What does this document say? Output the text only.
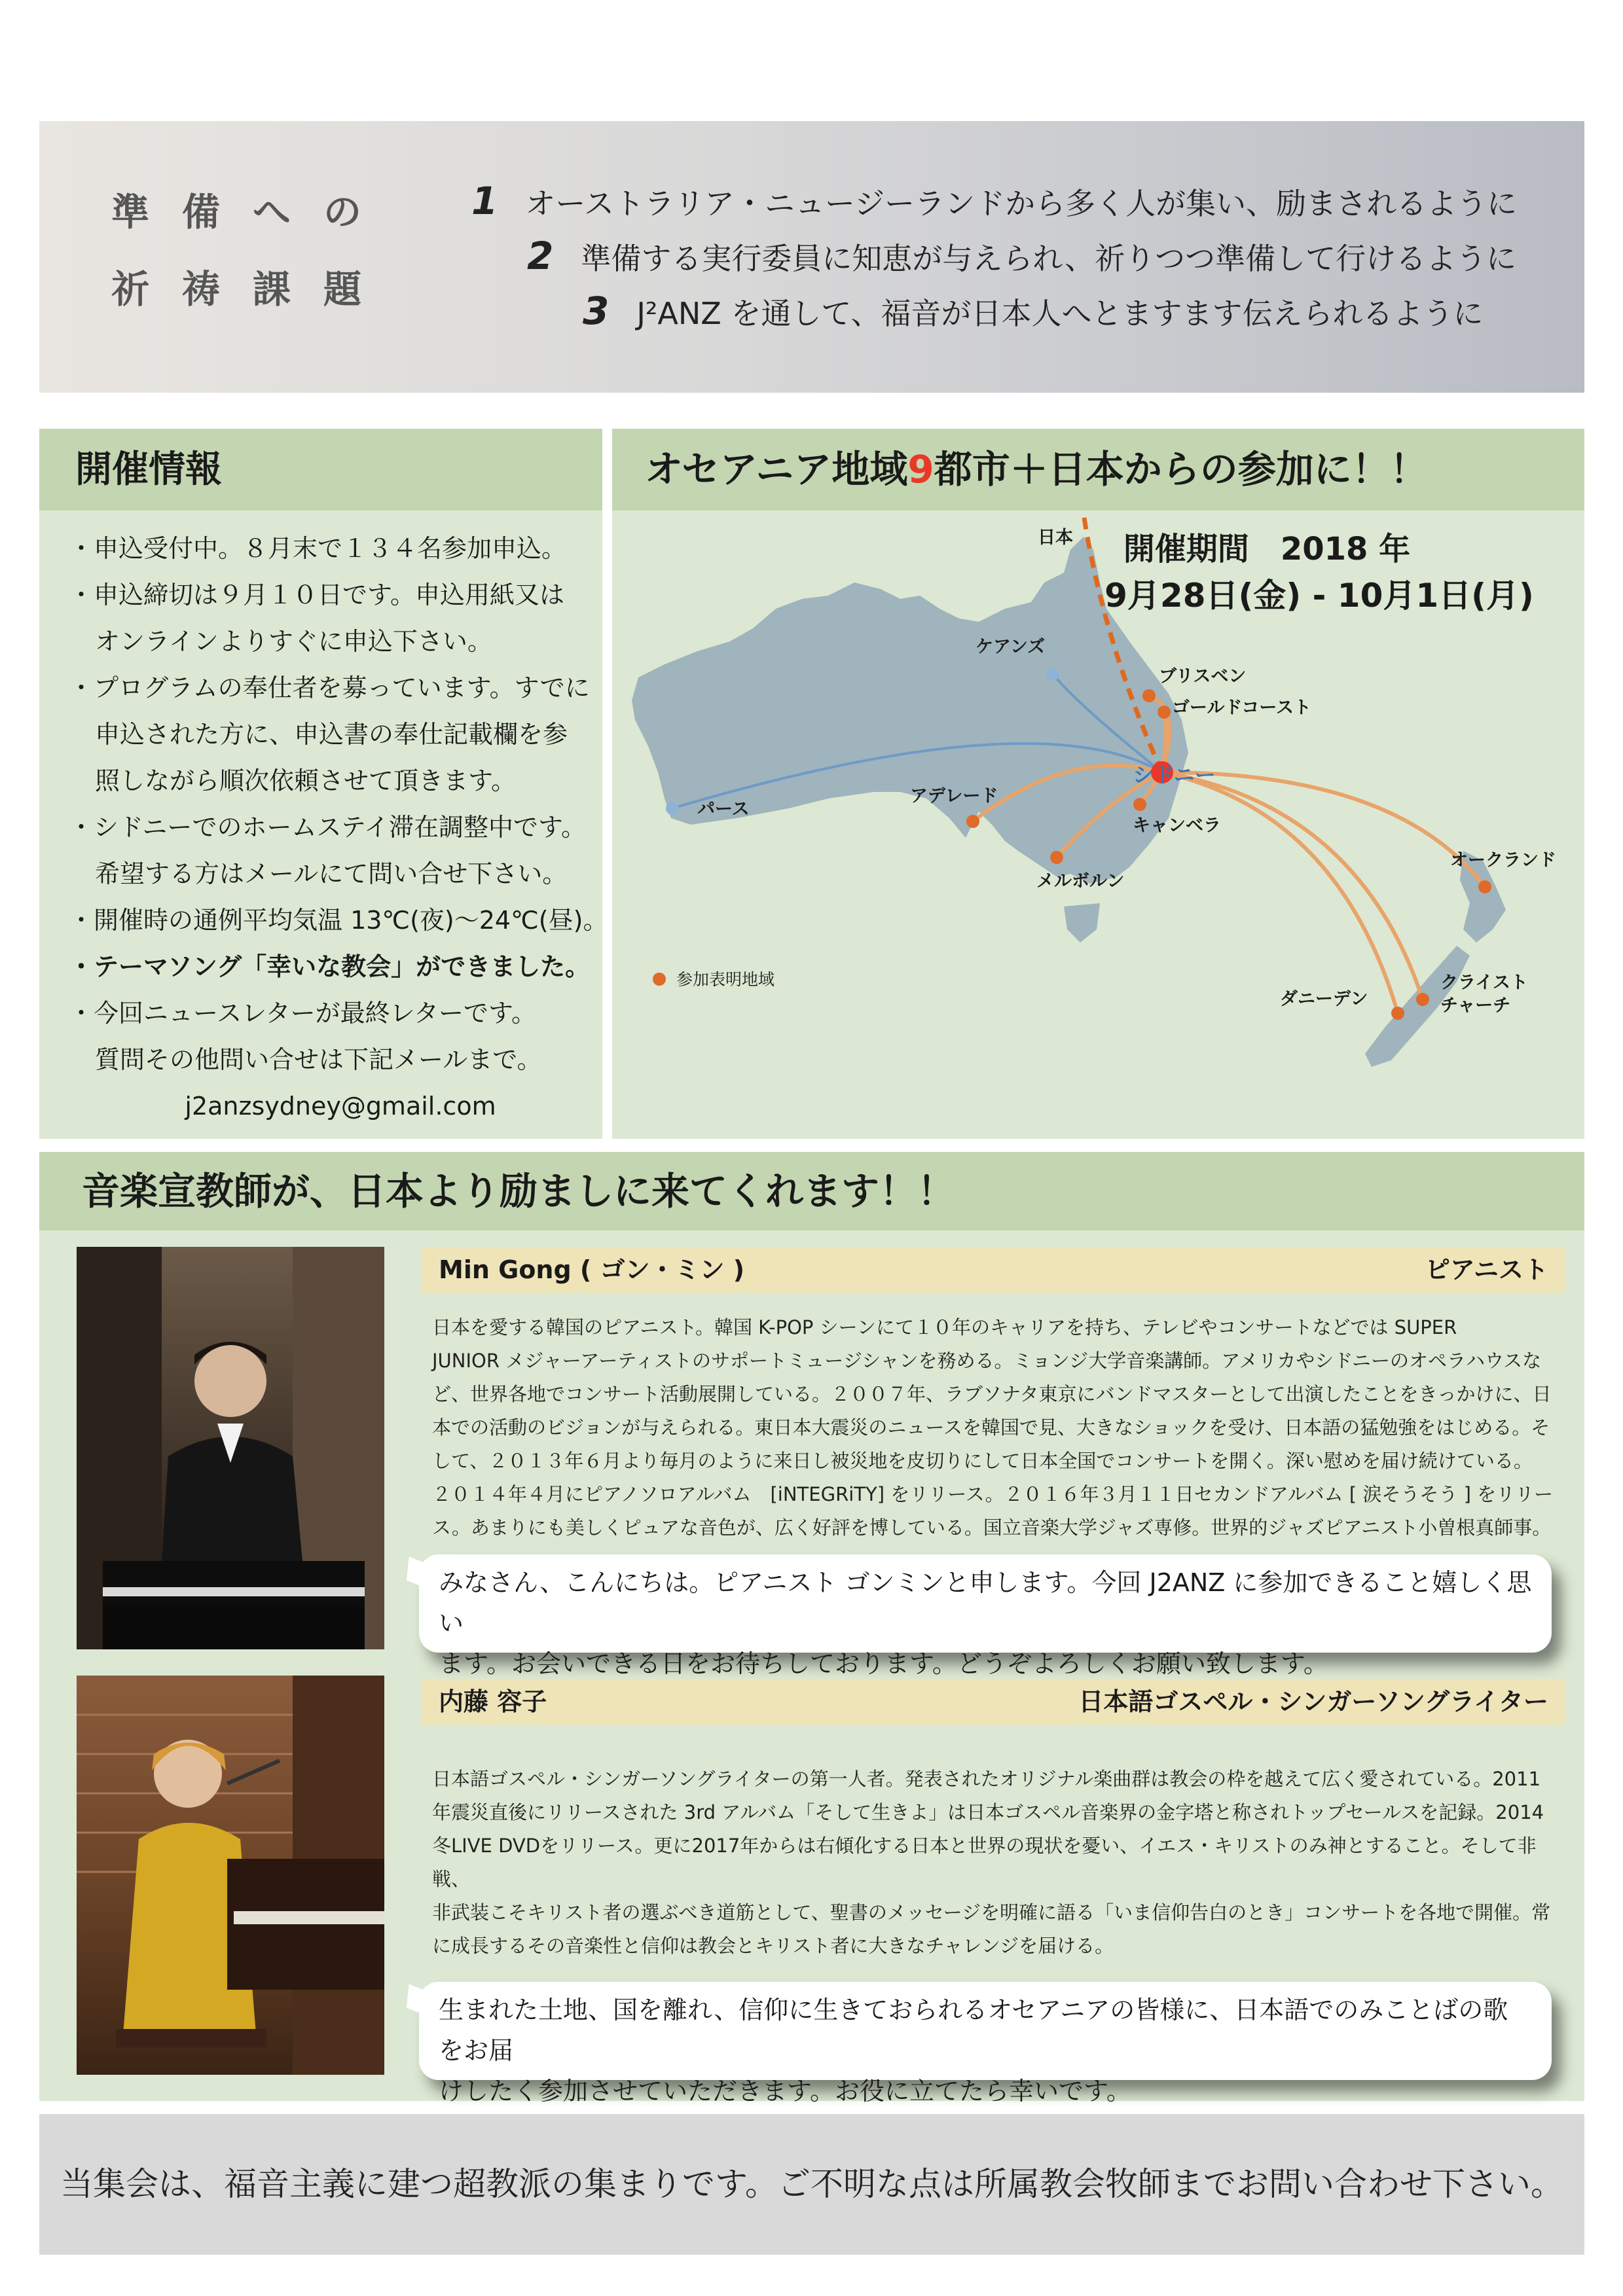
準備への
祈祷課題
1 オーストラリア・ニュージーランドから多く人が集い、励まされるように
2 準備する実行委員に知恵が与えられ、祈りつつ準備して行けるように
3 J²ANZ を通して、福音が日本人へとますます伝えられるように
開催情報
・申込受付中。８月末で１３４名参加申込。
・申込締切は９月１０日です。申込用紙又は
オンラインよりすぐに申込下さい。
・プログラムの奉仕者を募っています。すでに
申込された方に、申込書の奉仕記載欄を参
照しながら順次依頼させて頂きます。
・シドニーでのホームステイ滞在調整中です。
希望する方はメールにて問い合せ下さい。
・開催時の通例平均気温 13℃(夜)〜24℃(昼)。
・テーマソング「幸いな教会」ができました。
・今回ニュースレターが最終レターです。
質問その他問い合せは下記メールまで。
j2anzsydney@gmail.com
オセアニア地域9都市＋日本からの参加に！！
日本
ケアンズ
ブリスベン
ゴールドコースト
パース
アデレード
キャンベラ
メルボルン
オークランド
クライスト
チャーチ
ダニーデン
シドニー
参加表明地域
開催期間　2018 年
9月28日(金) - 10月1日(月)
音楽宣教師が、日本より励ましに来てくれます！！
Min Gong ( ゴン・ミン )	ピアニスト
日本を愛する韓国のピアニスト。韓国 K-POP シーンにて１０年のキャリアを持ち、テレビやコンサートなどでは SUPER
JUNIOR メジャーアーティストのサポートミュージシャンを務める。ミョンジ大学音楽講師。アメリカやシドニーのオペラハウスな
ど、世界各地でコンサート活動展開している。２００７年、ラブソナタ東京にバンドマスターとして出演したことをきっかけに、日
本での活動のビジョンが与えられる。東日本大震災のニュースを韓国で見、大きなショックを受け、日本語の猛勉強をはじめる。そ
して、２０１３年６月より毎月のように来日し被災地を皮切りにして日本全国でコンサートを開く。深い慰めを届け続けている。
２０１４年４月にピアノソロアルバム　[iNTEGRiTY] をリリース。２０１６年３月１１日セカンドアルバム [ 涙そうそう ] をリリー
ス。あまりにも美しくピュアな音色が、広く好評を博している。国立音楽大学ジャズ専修。世界的ジャズピアニスト小曽根真師事。
みなさん、こんにちは。ピアニスト ゴンミンと申します。今回 J2ANZ に参加できること嬉しく思い
ます。お会いできる日をお待ちしております。どうぞよろしくお願い致します。
内藤 容子	日本語ゴスペル・シンガーソングライター
日本語ゴスペル・シンガーソングライターの第一人者。発表されたオリジナル楽曲群は教会の枠を越えて広く愛されている。2011
年震災直後にリリースされた 3rd アルバム「そして生きよ」は日本ゴスペル音楽界の金字塔と称されトップセールスを記録。2014
冬LIVE DVDをリリース。更に2017年からは右傾化する日本と世界の現状を憂い、イエス・キリストのみ神とすること。そして非戦、
非武装こそキリスト者の選ぶべき道筋として、聖書のメッセージを明確に語る「いま信仰告白のとき」コンサートを各地で開催。常
に成長するその音楽性と信仰は教会とキリスト者に大きなチャレンジを届ける。
生まれた土地、国を離れ、信仰に生きておられるオセアニアの皆様に、日本語でのみことばの歌をお届
けしたく参加させていただきます。お役に立てたら幸いです。
当集会は、福音主義に建つ超教派の集まりです。ご不明な点は所属教会牧師までお問い合わせ下さい。
